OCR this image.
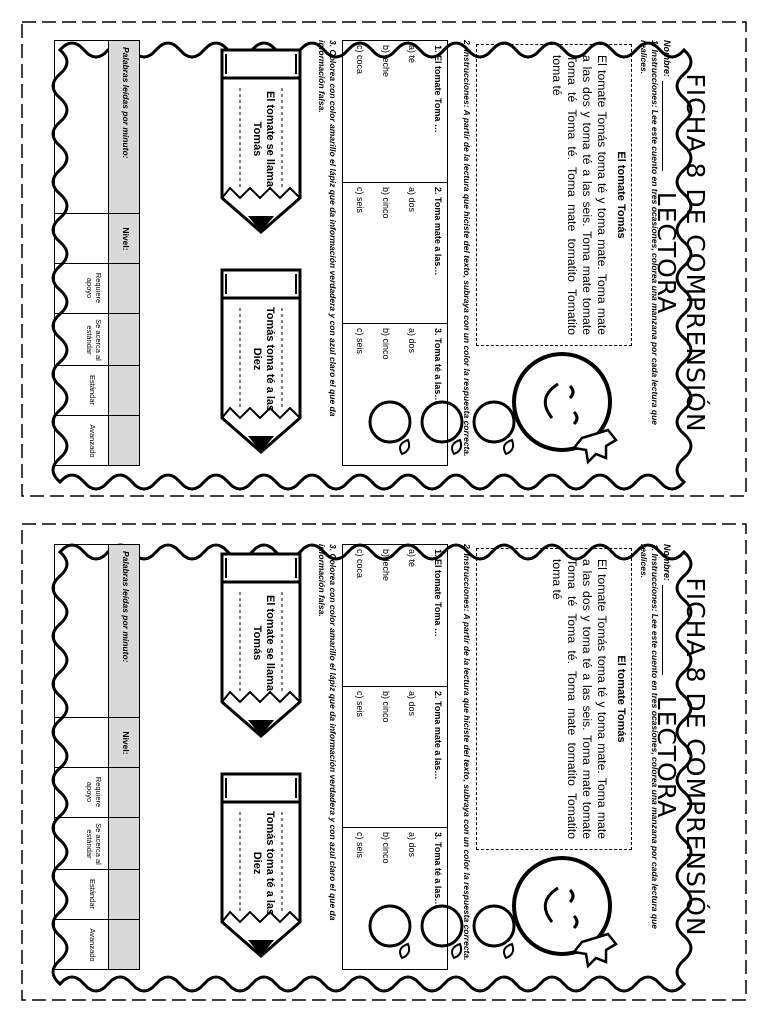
FICHA 8 DE COMPRENSIÓN LECTORA
Nombre:
1. Instrucciones: Lee este cuento en tres ocasiones, colorea una manzana por cada lectura que realices.
El tomate Tomás
El tomate Tomás toma té y toma mate. Toma mate a las dos y toma té a las seis. Toma mate tomate Toma té Toma té. Toma mate tomatito Tomatito toma té
2. Instrucciones: A partir de la lectura que hiciste del texto, subraya con un color la respuesta correcta.
1. El tomate Toma …
a) té
b) leche
c) coca
2. Toma mate a las…
a) dos
b) cinco
c) seis
3. Toma té a las…
a) dos
b) cinco
c) seis
3. Colorea con color amarillo el lápiz que da información verdadera y con azul claro el que da información falsa.
El tomate se llama Tomás
Tomás toma té a las Diez
Palabras leídas por minuto:
Nivel:
Requiere apoyo
Se acerca al estándar
Estándar
Avanzado
FICHA 8 DE COMPRENSIÓN LECTORA
Nombre:
1. Instrucciones: Lee este cuento en tres ocasiones, colorea una manzana por cada lectura que realices.
El tomate Tomás
El tomate Tomás toma té y toma mate. Toma mate a las dos y toma té a las seis. Toma mate tomate Toma té Toma té. Toma mate tomatito Tomatito toma té
2. Instrucciones: A partir de la lectura que hiciste del texto, subraya con un color la respuesta correcta.
1. El tomate Toma …
a) té
b) leche
c) coca
2. Toma mate a las…
a) dos
b) cinco
c) seis
3. Toma té a las…
a) dos
b) cinco
c) seis
3. Colorea con color amarillo el lápiz que da información verdadera y con azul claro el que da información falsa.
El tomate se llama Tomás
Tomás toma té a las Diez
Palabras leídas por minuto:
Nivel:
Requiere apoyo
Se acerca al estándar
Estándar
Avanzado
